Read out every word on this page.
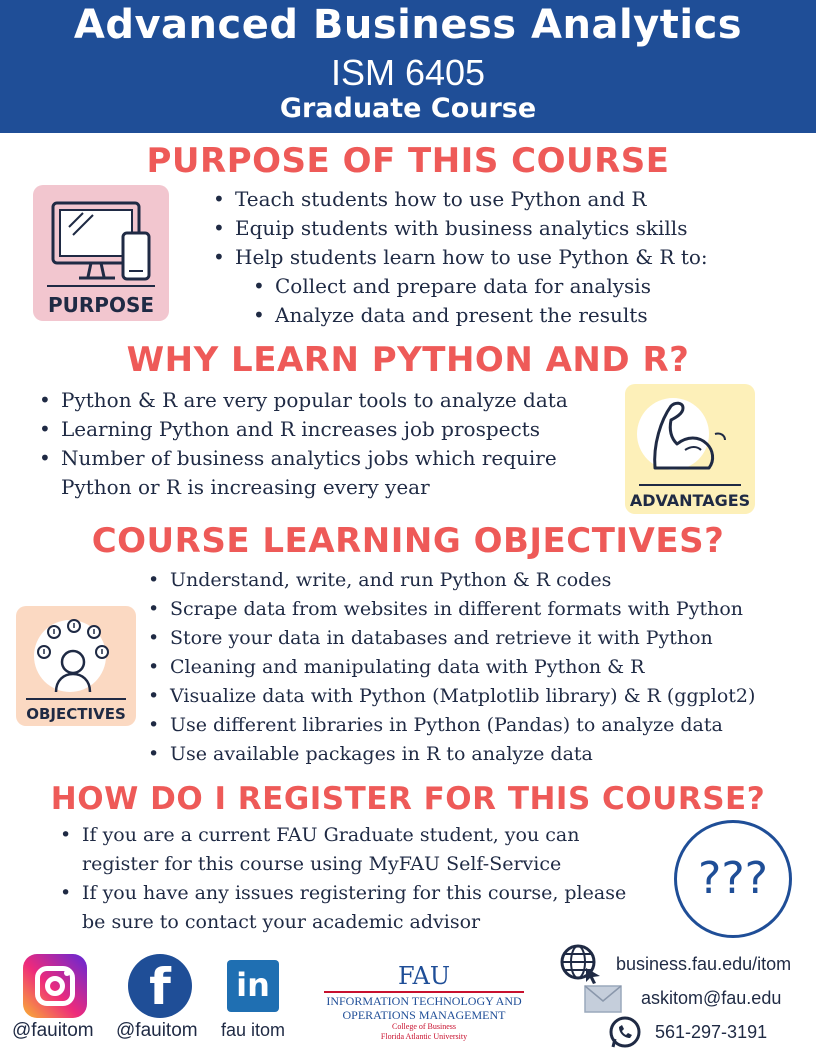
Advanced Business Analytics
ISM 6405
Graduate Course
PURPOSE OF THIS COURSE
PURPOSE
• Teach students how to use Python and R
• Equip students with business analytics skills
• Help students learn how to use Python & R to:
• Collect and prepare data for analysis
• Analyze data and present the results
WHY LEARN PYTHON AND R?
• Python & R are very popular tools to analyze data
• Learning Python and R increases job prospects
• Number of business analytics jobs which require
Python or R is increasing every year
ADVANTAGES
COURSE LEARNING OBJECTIVES?
OBJECTIVES
• Understand, write, and run Python & R codes
• Scrape data from websites in different formats with Python
• Store your data in databases and retrieve it with Python
• Cleaning and manipulating data with Python & R
• Visualize data with Python (Matplotlib library) & R (ggplot2)
• Use different libraries in Python (Pandas) to analyze data
• Use available packages in R to analyze data
HOW DO I REGISTER FOR THIS COURSE?
• If you are a current FAU Graduate student, you can
register for this course using MyFAU Self-Service
• If you have any issues registering for this course, please
be sure to contact your academic advisor
???
@fauitom
f
@fauitom
in
fau itom
FAU
INFORMATION TECHNOLOGY AND
OPERATIONS MANAGEMENT
College of Business
Florida Atlantic University
business.fau.edu/itom
askitom@fau.edu
561-297-3191
